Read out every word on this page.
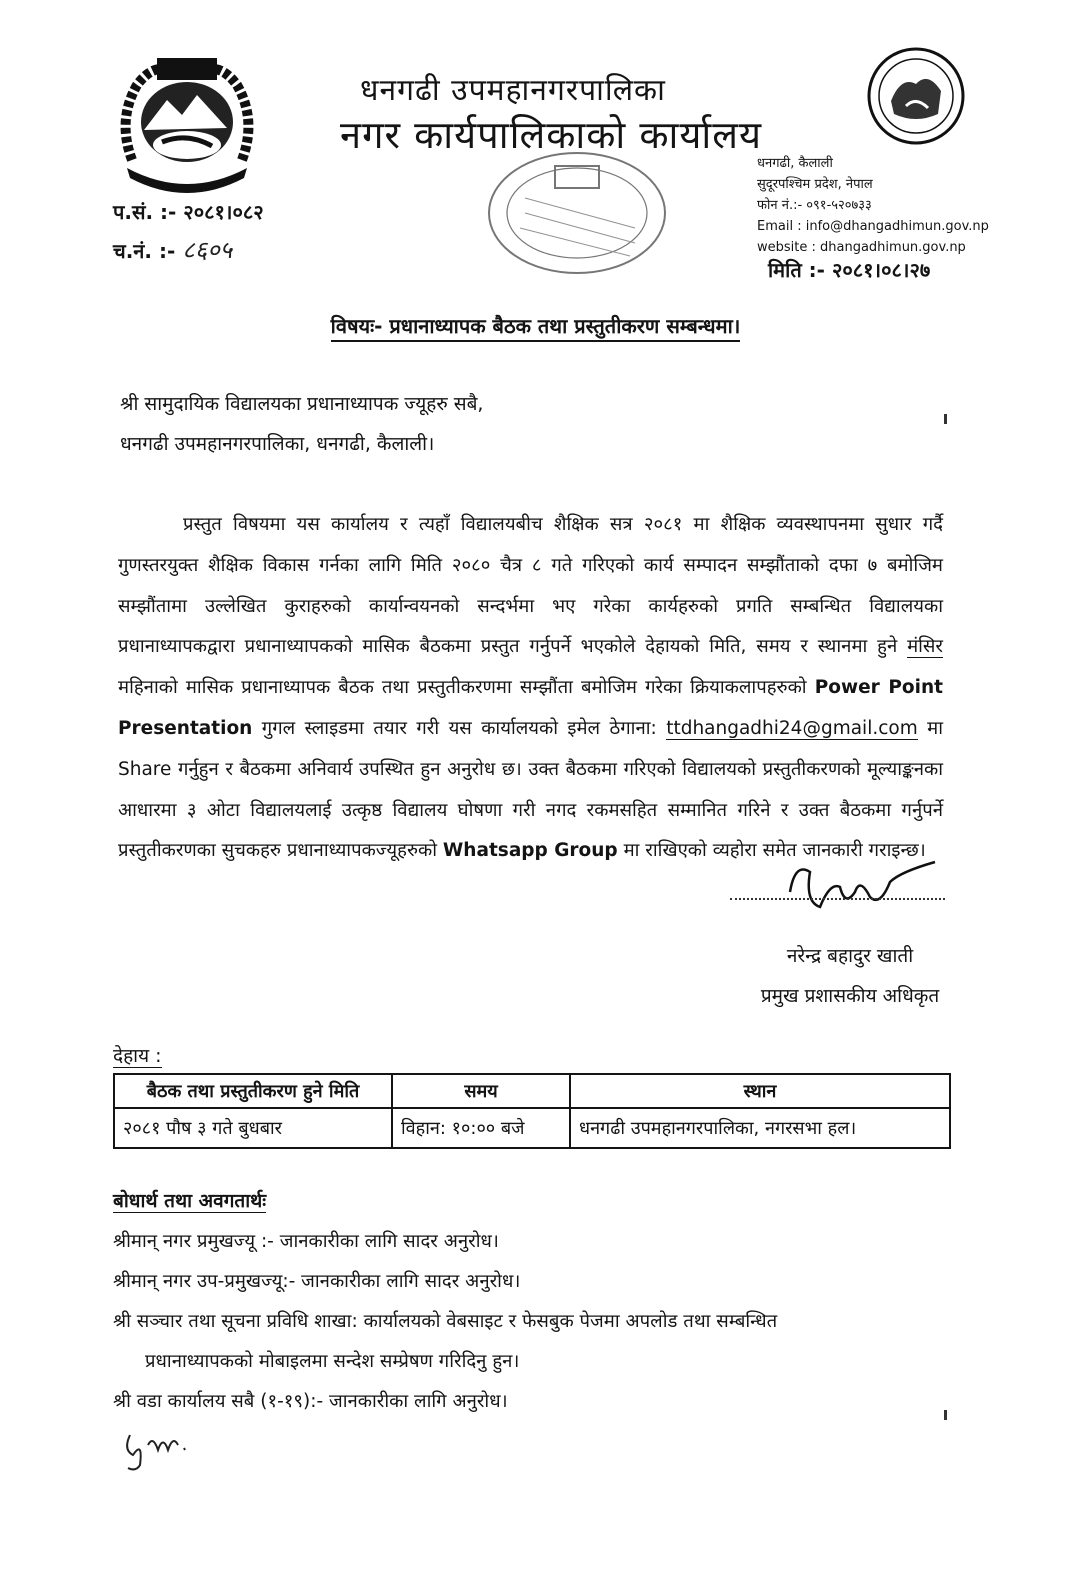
धनगढी उपमहानगरपालिका
नगर कार्यपालिकाको कार्यालय
धनगढी, कैलाली
सुदूरपश्चिम प्रदेश, नेपाल
फोन नं.:- ०९१-५२०७३३
Email : info@dhangadhimun.gov.np
website : dhangadhimun.gov.np
प.सं. :- २०८१।०८२
च.नं. :- ८६०५
मिति :- २०८१।०८।२७
विषयः- प्रधानाध्यापक बैठक तथा प्रस्तुतीकरण सम्बन्धमा।
श्री सामुदायिक विद्यालयका प्रधानाध्यापक ज्यूहरु सबै,
धनगढी उपमहानगरपालिका, धनगढी, कैलाली।

प्रस्तुत विषयमा यस कार्यालय र त्यहाँ विद्यालयबीच शैक्षिक सत्र २०८१ मा शैक्षिक व्यवस्थापनमा सुधार गर्दै गुणस्तरयुक्त शैक्षिक विकास गर्नका लागि मिति २०८० चैत्र ८ गते गरिएको कार्य सम्पादन सम्झौंताको दफा ७ बमोजिम सम्झौंतामा उल्लेखित कुराहरुको कार्यान्वयनको सन्दर्भमा भए गरेका कार्यहरुको प्रगति सम्बन्धित विद्यालयका प्रधानाध्यापकद्वारा प्रधानाध्यापकको मासिक बैठकमा प्रस्तुत गर्नुपर्ने भएकोले देहायको मिति, समय र स्थानमा हुने मंसिर महिनाको मासिक प्रधानाध्यापक बैठक तथा प्रस्तुतीकरणमा सम्झौंता बमोजिम गरेका क्रियाकलापहरुको Power Point Presentation गुगल स्लाइडमा तयार गरी यस कार्यालयको इमेल ठेगाना: ttdhangadhi24@gmail.com मा Share गर्नुहुन र बैठकमा अनिवार्य उपस्थित हुन अनुरोध छ। उक्त बैठकमा गरिएको विद्यालयको प्रस्तुतीकरणको मूल्याङ्कनका आधारमा ३ ओटा विद्यालयलाई उत्कृष्ठ विद्यालय घोषणा गरी नगद रकमसहित सम्मानित गरिने र उक्त बैठकमा गर्नुपर्ने प्रस्तुतीकरणका सुचकहरु प्रधानाध्यापकज्यूहरुको Whatsapp Group मा राखिएको व्यहोरा समेत जानकारी गराइन्छ।

नरेन्द्र बहादुर खाती
प्रमुख प्रशासकीय अधिकृत
देहाय :
बैठक तथा प्रस्तुतीकरण हुने मिति	समय	स्थान
२०८१ पौष ३ गते बुधबार	विहान: १०:०० बजे	धनगढी उपमहानगरपालिका, नगरसभा हल।
बोधार्थ तथा अवगतार्थः
श्रीमान् नगर प्रमुखज्यू :- जानकारीका लागि सादर अनुरोध।
श्रीमान् नगर उप-प्रमुखज्यू:- जानकारीका लागि सादर अनुरोध।
श्री सञ्चार तथा सूचना प्रविधि शाखा: कार्यालयको वेबसाइट र फेसबुक पेजमा अपलोड तथा सम्बन्धित
प्रधानाध्यापकको मोबाइलमा सन्देश सम्प्रेषण गरिदिनु हुन।
श्री वडा कार्यालय सबै (१-१९):- जानकारीका लागि अनुरोध।
